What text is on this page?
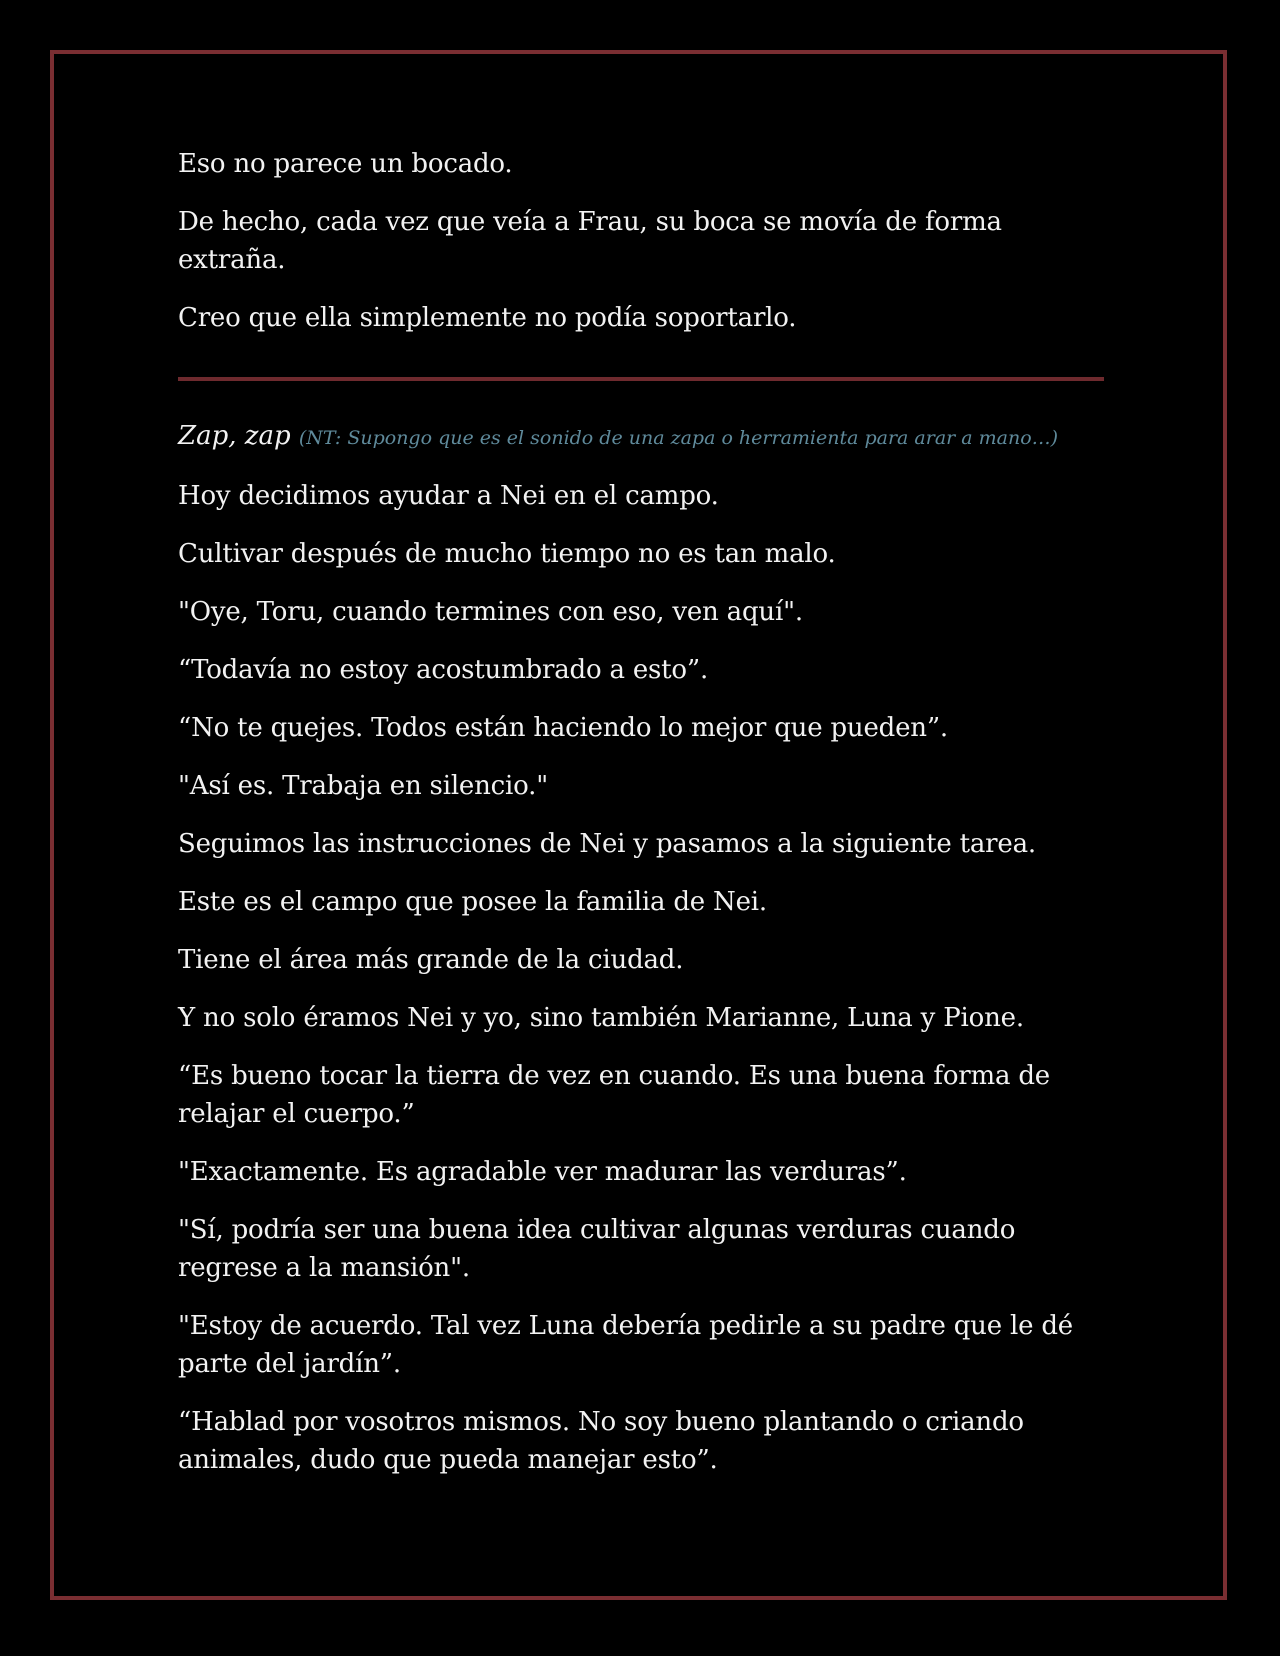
Eso no parece un bocado.

De hecho, cada vez que veía a Frau, su boca se movía de forma extraña.

Creo que ella simplemente no podía soportarlo.

Zap, zap (NT: Supongo que es el sonido de una zapa o herramienta para arar a mano…)

Hoy decidimos ayudar a Nei en el campo.

Cultivar después de mucho tiempo no es tan malo.

"Oye, Toru, cuando termines con eso, ven aquí".

“Todavía no estoy acostumbrado a esto”.

“No te quejes. Todos están haciendo lo mejor que pueden”.

"Así es. Trabaja en silencio."

Seguimos las instrucciones de Nei y pasamos a la siguiente tarea.

Este es el campo que posee la familia de Nei.

Tiene el área más grande de la ciudad.

Y no solo éramos Nei y yo, sino también Marianne, Luna y Pione.

“Es bueno tocar la tierra de vez en cuando. Es una buena forma de relajar el cuerpo.”

"Exactamente. Es agradable ver madurar las verduras”.

"Sí, podría ser una buena idea cultivar algunas verduras cuando regrese a la mansión".

"Estoy de acuerdo. Tal vez Luna debería pedirle a su padre que le dé parte del jardín”.

“Hablad por vosotros mismos. No soy bueno plantando o criando animales, dudo que pueda manejar esto”.
